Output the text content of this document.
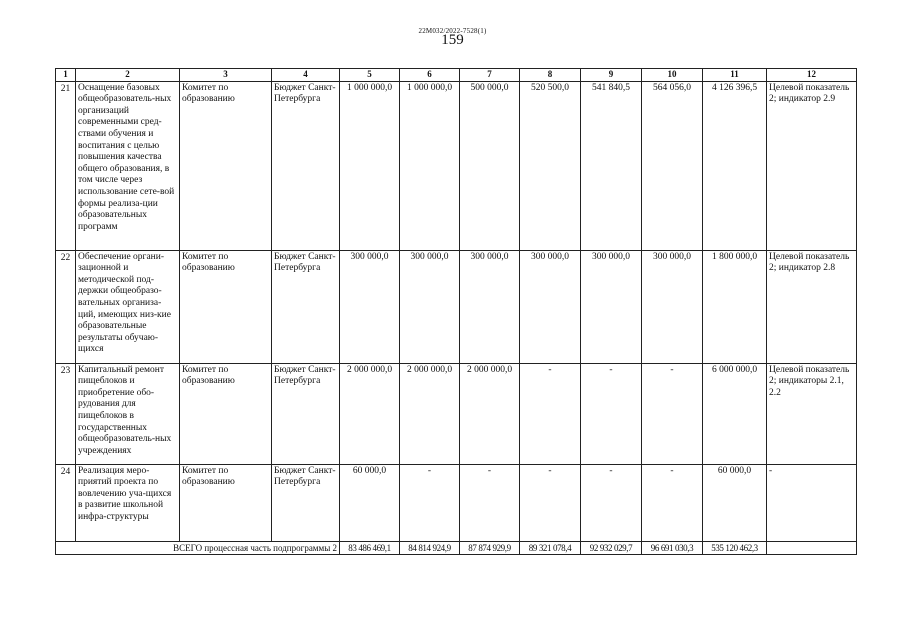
22М032/2022-7528(1)
159
1	2	3	4	5	6	7	8	9	10	11	12
21	Оснащение базовых общеобразователь-ных организаций современными сред-ствами обучения и воспитания с целью повышения качества общего образования, в том числе через использование сете-вой формы реализа-ции образовательных программ	Комитет по образованию	Бюджет Санкт-Петербурга	1 000 000,0	1 000 000,0	500 000,0	520 500,0	541 840,5	564 056,0	4 126 396,5	Целевой показатель 2; индикатор 2.9
22	Обеспечение органи-зационной и методической под-держки общеобразо-вательных организа-ций, имеющих низ-кие образовательные результаты обучаю-щихся	Комитет по образованию	Бюджет Санкт-Петербурга	300 000,0	300 000,0	300 000,0	300 000,0	300 000,0	300 000,0	1 800 000,0	Целевой показатель 2; индикатор 2.8
23	Капитальный ремонт пищеблоков и приобретение обо-рудования для пищеблоков в государственных общеобразователь-ных учреждениях	Комитет по образованию	Бюджет Санкт-Петербурга	2 000 000,0	2 000 000,0	2 000 000,0	-	-	-	6 000 000,0	Целевой показатель 2; индикаторы 2.1, 2.2
24	Реализация меро-приятий проекта по вовлечению уча-щихся в развитие школьной инфра-структуры	Комитет по образованию	Бюджет Санкт-Петербурга	60 000,0	-	-	-	-	-	60 000,0	-
ВСЕГО процессная часть подпрограммы 2				83 486 469,1	84 814 924,9	87 874 929,9	89 321 078,4	92 932 029,7	96 691 030,3	535 120 462,3	
